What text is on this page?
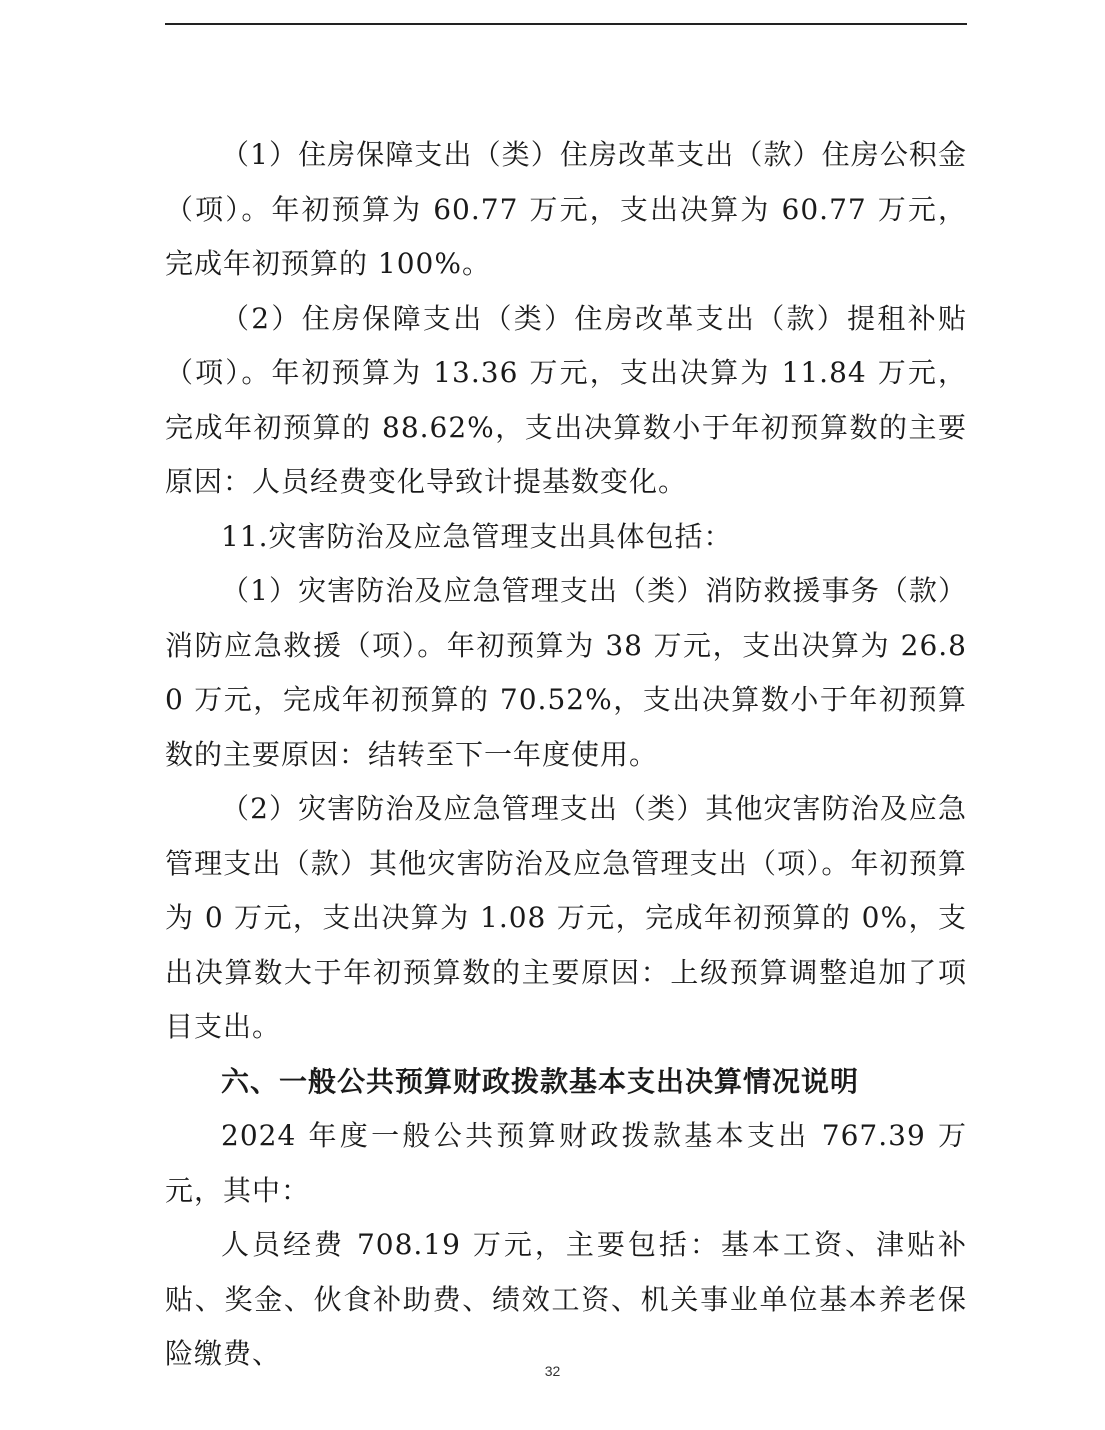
（1）住房保障支出（类）住房改革支出（款）住房公积金（项）。年初预算为 60.77 万元，支出决算为 60.77 万元，完成年初预算的 100%。

（2）住房保障支出（类）住房改革支出（款）提租补贴（项）。年初预算为 13.36 万元，支出决算为 11.84 万元，完成年初预算的 88.62%，支出决算数小于年初预算数的主要原因：人员经费变化导致计提基数变化。

11.灾害防治及应急管理支出具体包括：

（1）灾害防治及应急管理支出（类）消防救援事务（款）消防应急救援（项）。年初预算为 38 万元，支出决算为 26.80 万元，完成年初预算的 70.52%，支出决算数小于年初预算数的主要原因：结转至下一年度使用。

（2）灾害防治及应急管理支出（类）其他灾害防治及应急管理支出（款）其他灾害防治及应急管理支出（项）。年初预算为 0 万元，支出决算为 1.08 万元，完成年初预算的 0%，支出决算数大于年初预算数的主要原因：上级预算调整追加了项目支出。

六、一般公共预算财政拨款基本支出决算情况说明

2024 年度一般公共预算财政拨款基本支出 767.39 万元，其中：

人员经费 708.19 万元，主要包括：基本工资、津贴补贴、奖金、伙食补助费、绩效工资、机关事业单位基本养老保险缴费、

32
